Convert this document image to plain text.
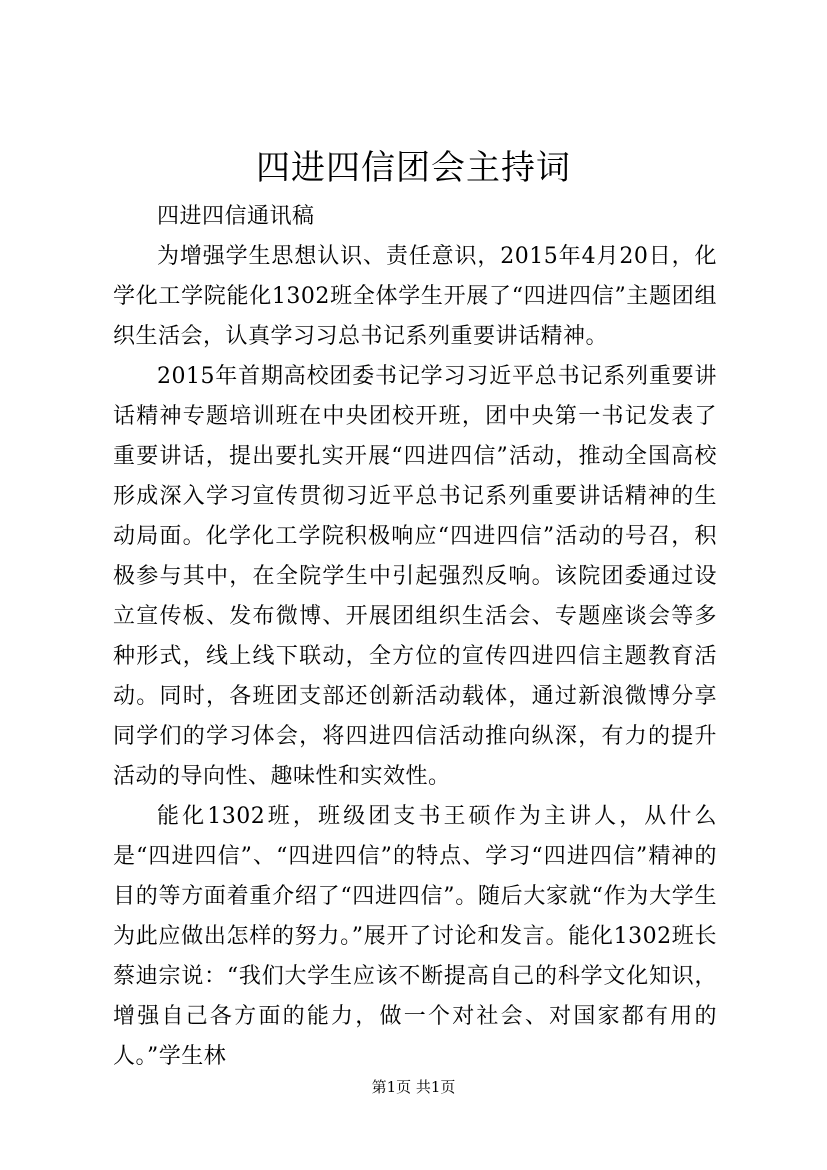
四进四信团会主持词

四进四信通讯稿

为增强学生思想认识、责任意识，2015年4月20日，化学化工学院能化1302班全体学生开展了“四进四信”主题团组织生活会，认真学习习总书记系列重要讲话精神。

2015年首期高校团委书记学习习近平总书记系列重要讲话精神专题培训班在中央团校开班，团中央第一书记发表了重要讲话，提出要扎实开展“四进四信”活动，推动全国高校形成深入学习宣传贯彻习近平总书记系列重要讲话精神的生动局面。化学化工学院积极响应“四进四信”活动的号召，积极参与其中，在全院学生中引起强烈反响。该院团委通过设立宣传板、发布微博、开展团组织生活会、专题座谈会等多种形式，线上线下联动，全方位的宣传四进四信主题教育活动。同时，各班团支部还创新活动载体，通过新浪微博分享同学们的学习体会，将四进四信活动推向纵深，有力的提升活动的导向性、趣味性和实效性。

能化1302班，班级团支书王硕作为主讲人，从什么是“四进四信”、“四进四信”的特点、学习“四进四信”精神的目的等方面着重介绍了“四进四信”。随后大家就“作为大学生为此应做出怎样的努力。”展开了讨论和发言。能化1302班长蔡迪宗说：“我们大学生应该不断提高自己的科学文化知识，增强自己各方面的能力，做一个对社会、对国家都有用的人。”学生林

第1页 共1页
